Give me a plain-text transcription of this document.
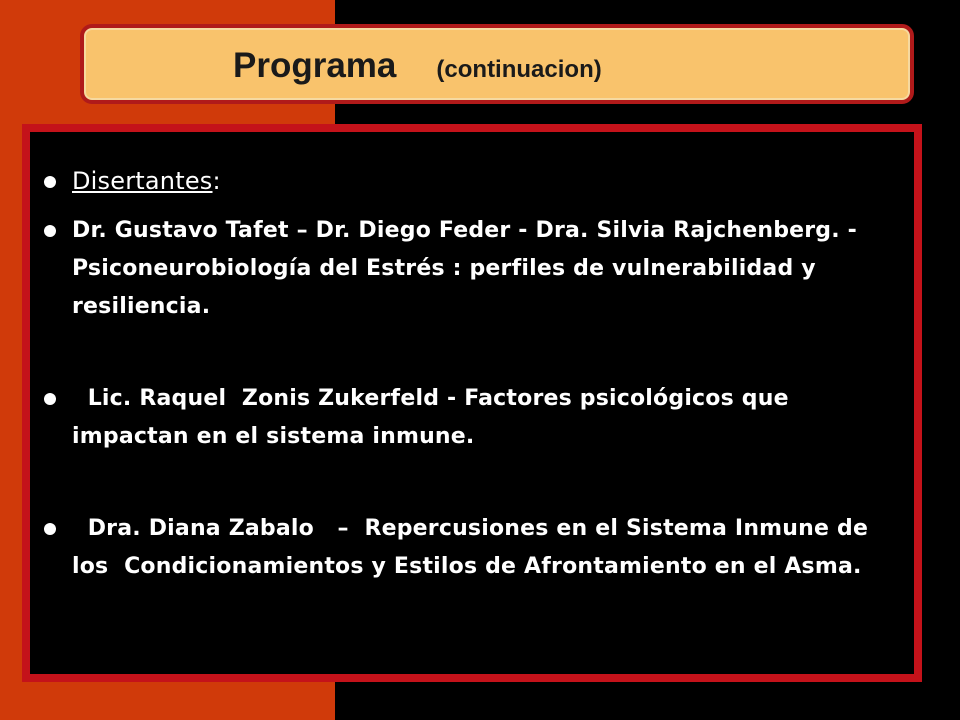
Programa (continuacion)

Disertantes:

Dr. Gustavo Tafet – Dr. Diego Feder - Dra. Silvia Rajchenberg. - Psiconeurobiología del Estrés : perfiles de vulnerabilidad y resiliencia.

Lic. Raquel  Zonis Zukerfeld - Factores psicológicos que impactan en el sistema inmune.

Dra. Diana Zabalo   –  Repercusiones en el Sistema Inmune de los  Condicionamientos y Estilos de Afrontamiento en el Asma.
